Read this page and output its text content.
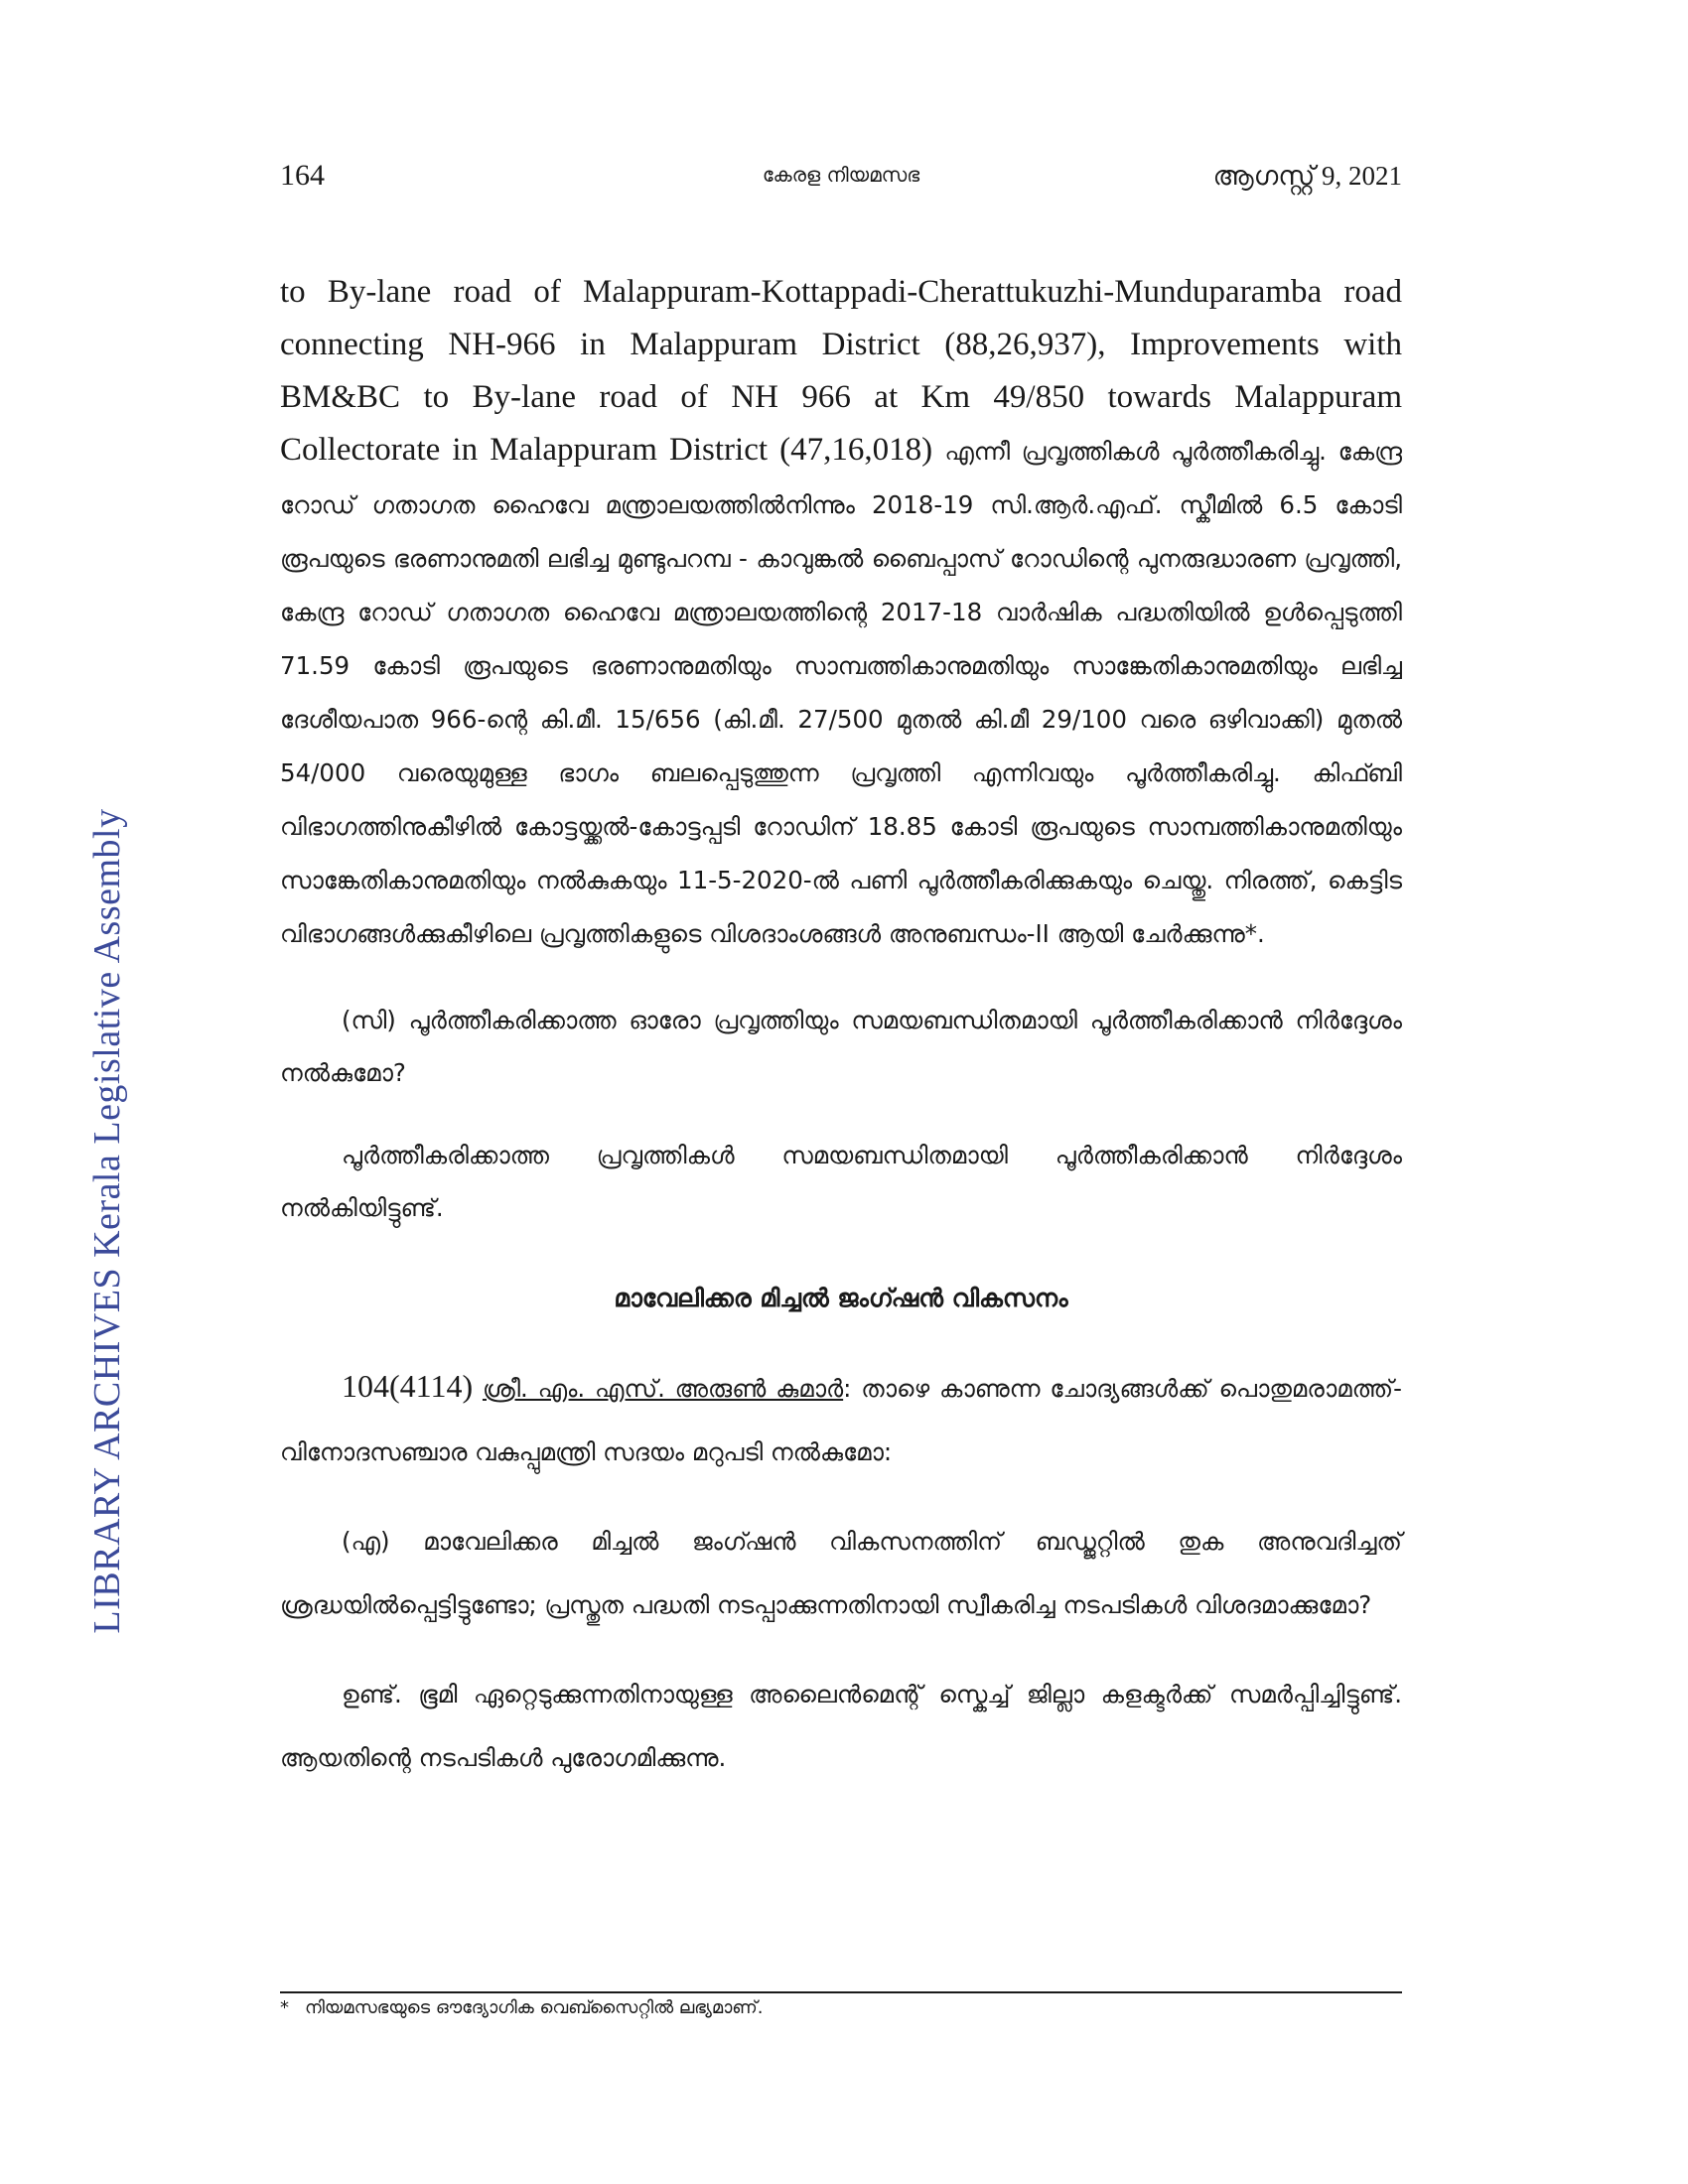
LIBRARY ARCHIVES Kerala Legislative Assembly
164	കേരള നിയമസഭ	ആഗസ്റ്റ് 9, 2021

to By-lane road of Malappuram-Kottappadi-Cherattukuzhi-Munduparamba road connecting NH-966 in Malappuram District (88,26,937), Improvements with BM&BC to By-lane road of NH 966 at Km 49/850 towards Malappuram Collectorate in Malappuram District (47,16,018) എന്നീ പ്രവൃത്തികൾ പൂർത്തീകരിച്ചു. കേന്ദ്ര റോഡ് ഗതാഗത ഹൈവേ മന്ത്രാലയത്തിൽനിന്നും 2018-19 സി.ആർ.എഫ്. സ്കീമിൽ 6.5 കോടി രൂപയുടെ ഭരണാനുമതി ലഭിച്ച മുണ്ടുപറമ്പ - കാവുങ്കൽ ബൈപ്പാസ് റോഡിന്റെ പുനരുദ്ധാരണ പ്രവൃത്തി, കേന്ദ്ര റോഡ് ഗതാഗത ഹൈവേ മന്ത്രാലയത്തിന്റെ 2017-18 വാർഷിക പദ്ധതിയിൽ ഉൾപ്പെടുത്തി 71.59 കോടി രൂപയുടെ ഭരണാനുമതിയും സാമ്പത്തികാനുമതിയും സാങ്കേതികാനുമതിയും ലഭിച്ച ദേശീയപാത 966-ന്റെ കി.മീ. 15/656 (കി.മീ. 27/500 മുതൽ കി.മീ 29/100 വരെ ഒഴിവാക്കി) മുതൽ 54/000 വരെയുമുള്ള ഭാഗം ബലപ്പെടുത്തുന്ന പ്രവൃത്തി എന്നിവയും പൂർത്തീകരിച്ചു. കിഫ്ബി വിഭാഗത്തിനുകീഴിൽ കോട്ടയ്ക്കൽ-കോട്ടപ്പടി റോഡിന് 18.85 കോടി രൂപയുടെ സാമ്പത്തികാനുമതിയും സാങ്കേതികാനുമതിയും നൽകുകയും 11-5-2020-ൽ പണി പൂർത്തീകരിക്കുകയും ചെയ്തു. നിരത്ത്, കെട്ടിട വിഭാഗങ്ങൾക്കുകീഴിലെ പ്രവൃത്തികളുടെ വിശദാംശങ്ങൾ അനുബന്ധം-II ആയി ചേർക്കുന്നു*.

(സി) പൂർത്തീകരിക്കാത്ത ഓരോ പ്രവൃത്തിയും സമയബന്ധിതമായി പൂർത്തീകരിക്കാൻ നിർദ്ദേശം നൽകുമോ?

പൂർത്തീകരിക്കാത്ത പ്രവൃത്തികൾ സമയബന്ധിതമായി പൂർത്തീകരിക്കാൻ നിർദ്ദേശം നൽകിയിട്ടുണ്ട്.

മാവേലിക്കര മിച്ചൽ ജംഗ്ഷൻ വികസനം

104(4114) ശ്രീ. എം. എസ്. അരുൺ കുമാർ: താഴെ കാണുന്ന ചോദ്യങ്ങൾക്ക് പൊതുമരാമത്ത്-വിനോദസഞ്ചാര വകുപ്പുമന്ത്രി സദയം മറുപടി നൽകുമോ:

(എ) മാവേലിക്കര മിച്ചൽ ജംഗ്ഷൻ വികസനത്തിന് ബഡ്ജറ്റിൽ തുക അനുവദിച്ചത് ശ്രദ്ധയിൽപ്പെട്ടിട്ടുണ്ടോ; പ്രസ്തുത പദ്ധതി നടപ്പാക്കുന്നതിനായി സ്വീകരിച്ച നടപടികൾ വിശദമാക്കുമോ?

ഉണ്ട്. ഭൂമി ഏറ്റെടുക്കുന്നതിനായുള്ള അലൈൻമെന്റ് സ്കെച്ച് ജില്ലാ കളക്ടർക്ക് സമർപ്പിച്ചിട്ടുണ്ട്. ആയതിന്റെ നടപടികൾ പുരോഗമിക്കുന്നു.

* നിയമസഭയുടെ ഔദ്യോഗിക വെബ്സൈറ്റിൽ ലഭ്യമാണ്.
